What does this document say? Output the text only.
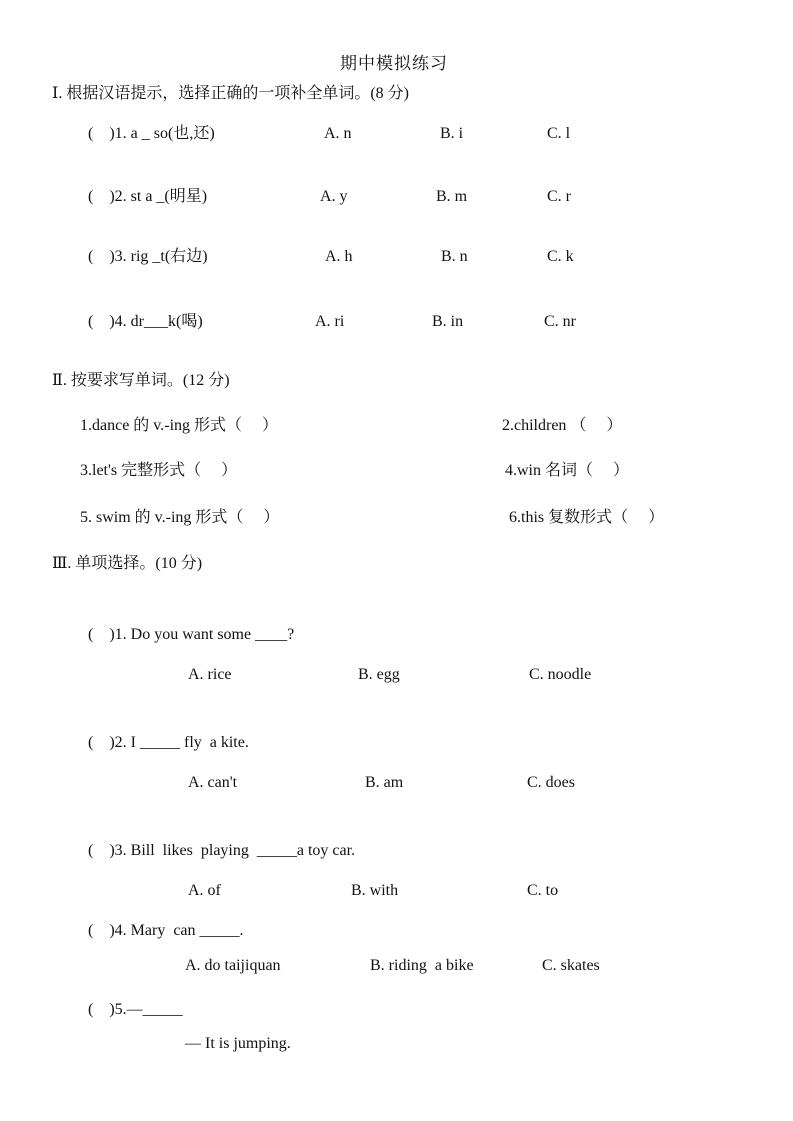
期中模拟练习
Ⅰ. 根据汉语提示，选择正确的一项补全单词。(8 分)
(    )1. a _ so(也,还)	A. n	B. i	C. l
(    )2. st a _(明星)	A. y	B. m	C. r
(    )3. rig _t(右边)	A. h	B. n	C. k
(    )4. dr___k(喝)	A. ri	B. in	C. nr
Ⅱ. 按要求写单词。(12 分)
1.dance 的 v.-ing 形式（     ）	2.children （     ）
3.let's 完整形式（     ）	4.win 名词（     ）
5. swim 的 v.-ing 形式（     ）	6.this 复数形式（     ）
Ⅲ. 单项选择。(10 分)
(    )1. Do you want some ____?
A. rice	B. egg	C. noodle
(    )2. I _____ fly  a kite.
A. can't	B. am	C. does
(    )3. Bill  likes  playing  _____a toy car.
A. of	B. with	C. to
(    )4. Mary  can _____.
A. do taijiquan	B. riding  a bike	C. skates
(    )5.—_____
— It is jumping.
